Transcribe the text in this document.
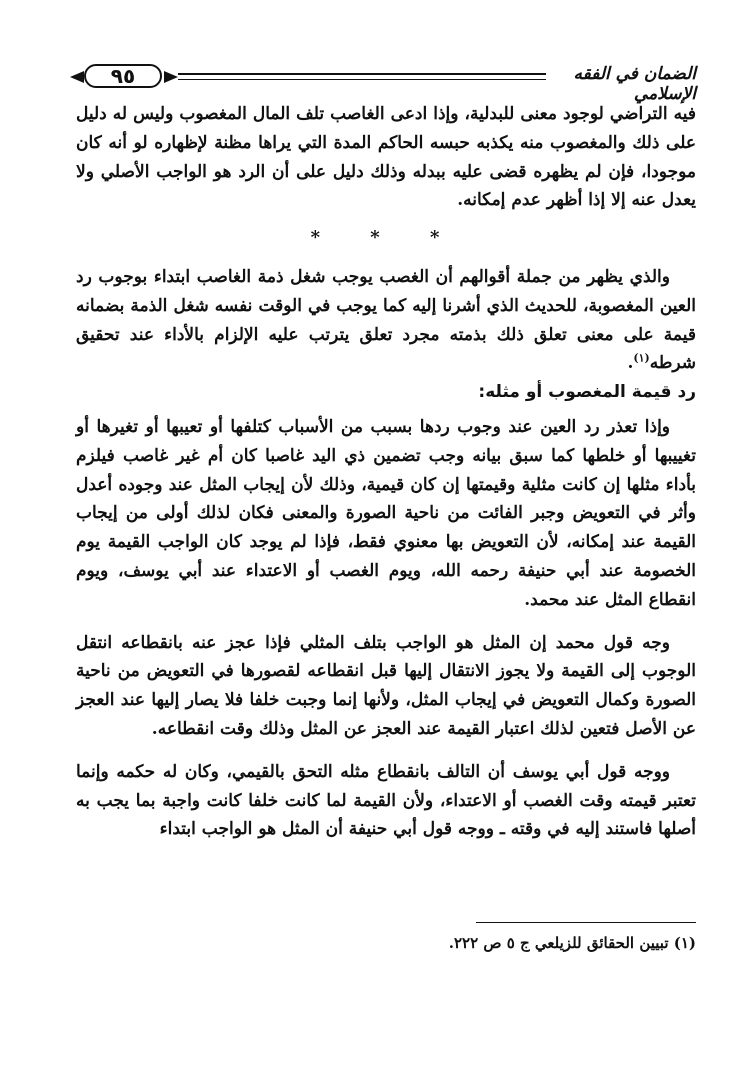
٩٥	الضمان في الفقه الإسلامي

فيه التراضي لوجود معنى للبدلية، وإذا ادعى الغاصب تلف المال المغصوب وليس له دليل على ذلك والمغصوب منه يكذبه حبسه الحاكم المدة التي يراها مظنة لإظهاره لو أنه كان موجودا، فإن لم يظهره قضى عليه ببدله وذلك دليل على أن الرد هو الواجب الأصلي ولا يعدل عنه إلا إذا أظهر عدم إمكانه.

* * *

والذي يظهر من جملة أقوالهم أن الغصب يوجب شغل ذمة الغاصب ابتداء بوجوب رد العين المغصوبة، للحديث الذي أشرنا إليه كما يوجب في الوقت نفسه شغل الذمة بضمانه قيمة على معنى تعلق ذلك بذمته مجرد تعلق يترتب عليه الإلزام بالأداء عند تحقيق شرطه$^{(١)}$.

رد قيمة المغصوب أو مثله:

وإذا تعذر رد العين عند وجوب ردها بسبب من الأسباب كتلفها أو تعيبها أو تغيرها أو تغييبها أو خلطها كما سبق بيانه وجب تضمين ذي اليد غاصبا كان أم غير غاصب فيلزم بأداء مثلها إن كانت مثلية وقيمتها إن كان قيمية، وذلك لأن إيجاب المثل عند وجوده أعدل وأثر في التعويض وجبر الفائت من ناحية الصورة والمعنى فكان لذلك أولى من إيجاب القيمة عند إمكانه، لأن التعويض بها معنوي فقط، فإذا لم يوجد كان الواجب القيمة يوم الخصومة عند أبي حنيفة رحمه الله، ويوم الغصب أو الاعتداء عند أبي يوسف، ويوم انقطاع المثل عند محمد.

وجه قول محمد إن المثل هو الواجب بتلف المثلي فإذا عجز عنه بانقطاعه انتقل الوجوب إلى القيمة ولا يجوز الانتقال إليها قبل انقطاعه لقصورها في التعويض من ناحية الصورة وكمال التعويض في إيجاب المثل، ولأنها إنما وجبت خلفا فلا يصار إليها عند العجز عن الأصل فتعين لذلك اعتبار القيمة عند العجز عن المثل وذلك وقت انقطاعه.

ووجه قول أبي يوسف أن التالف بانقطاع مثله التحق بالقيمي، وكان له حكمه وإنما تعتبر قيمته وقت الغصب أو الاعتداء، ولأن القيمة لما كانت خلفا كانت واجبة بما يجب به أصلها فاستند إليه في وقته ـ ووجه قول أبي حنيفة أن المثل هو الواجب ابتداء

(١) تبيين الحقائق للزيلعي ج ٥ ص ٢٢٢.
